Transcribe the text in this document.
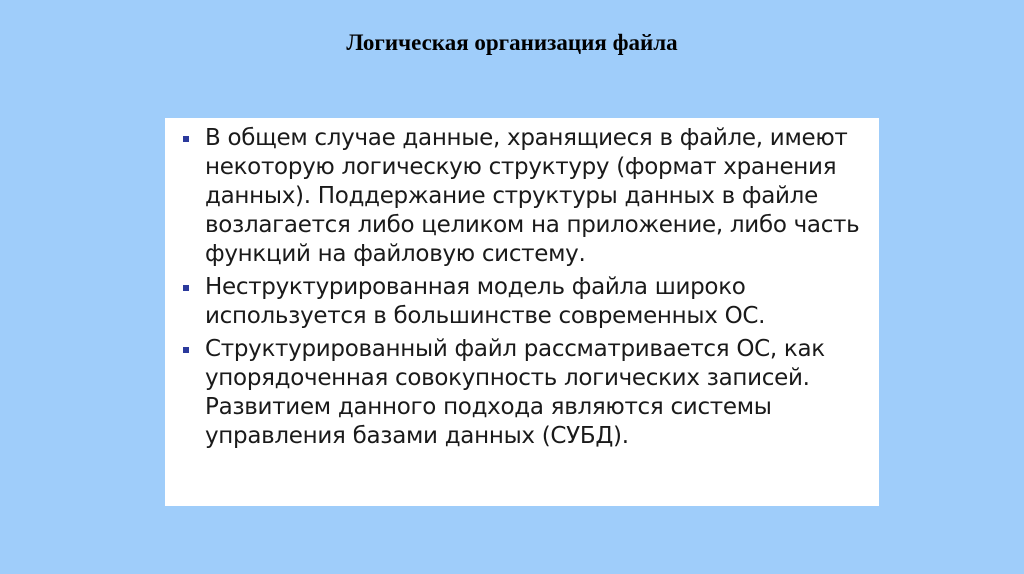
Логическая организация файла
В общем случае данные, хранящиеся в файле, имеют некоторую логическую структуру (формат хранения данных). Поддержание структуры данных в файле возлагается либо целиком на приложение, либо часть функций на файловую систему.
Неструктурированная модель файла широко используется в большинстве современных ОС.
Структурированный файл рассматривается ОС, как упорядоченная совокупность логических записей. Развитием данного подхода являются системы управления базами данных (СУБД).
